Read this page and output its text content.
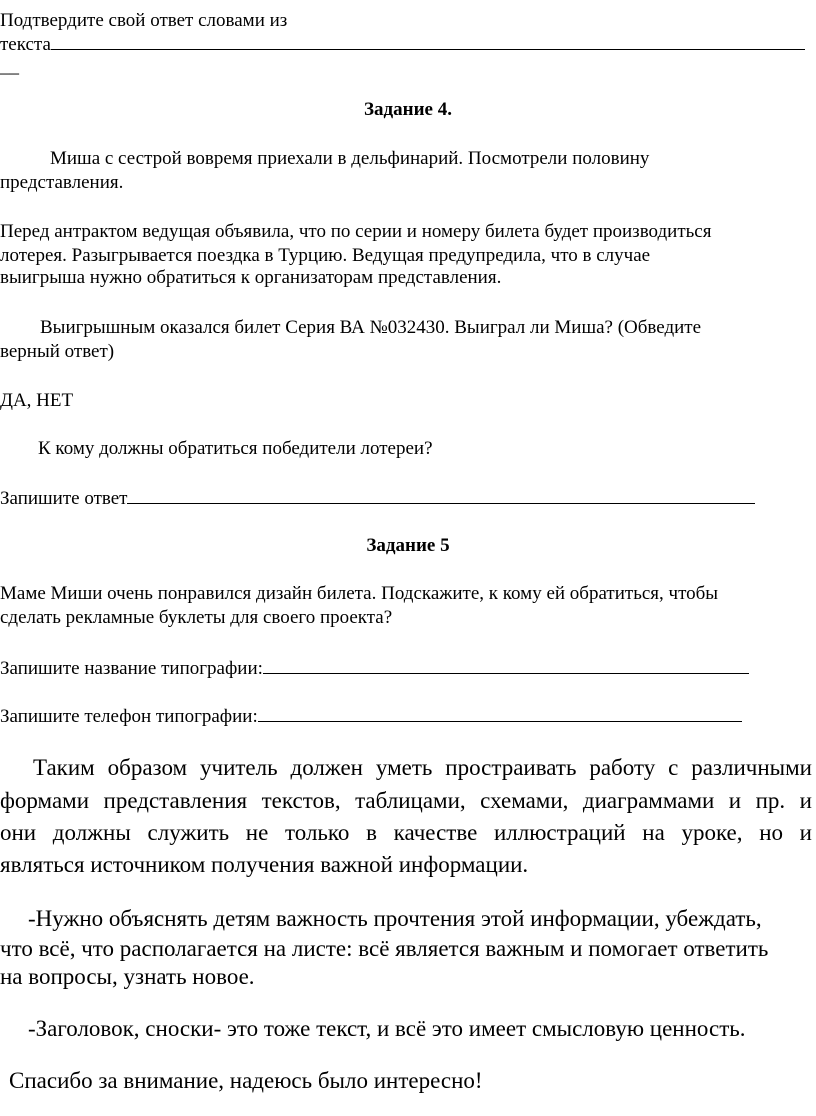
Подтвердите свой ответ словами из
текста
__
Задание 4.
Миша с сестрой вовремя приехали в дельфинарий. Посмотрели половину
представления.
Перед антрактом ведущая объявила, что по серии и номеру билета будет производиться
лотерея. Разыгрывается поездка в Турцию. Ведущая предупредила, что в случае
выигрыша нужно обратиться к организаторам представления.
Выигрышным оказался билет Серия ВА №032430. Выиграл ли Миша? (Обведите
верный ответ)
ДА, НЕТ
К кому должны обратиться победители лотереи?
Запишите ответ
Задание 5
Маме Миши очень понравился дизайн билета. Подскажите, к кому ей обратиться, чтобы
сделать рекламные буклеты для своего проекта?
Запишите название типографии:
Запишите телефон типографии:
Таким образом учитель должен уметь простраивать работу с различными
формами представления текстов, таблицами, схемами, диаграммами и пр. и
они должны служить не только в качестве иллюстраций на уроке, но и
являться источником получения важной информации.
-Нужно объяснять детям важность прочтения этой информации, убеждать,
что всё, что располагается на листе: всё является важным и помогает ответить
на вопросы, узнать новое.
-Заголовок, сноски- это тоже текст, и всё это имеет смысловую ценность.
Спасибо за внимание, надеюсь было интересно!
